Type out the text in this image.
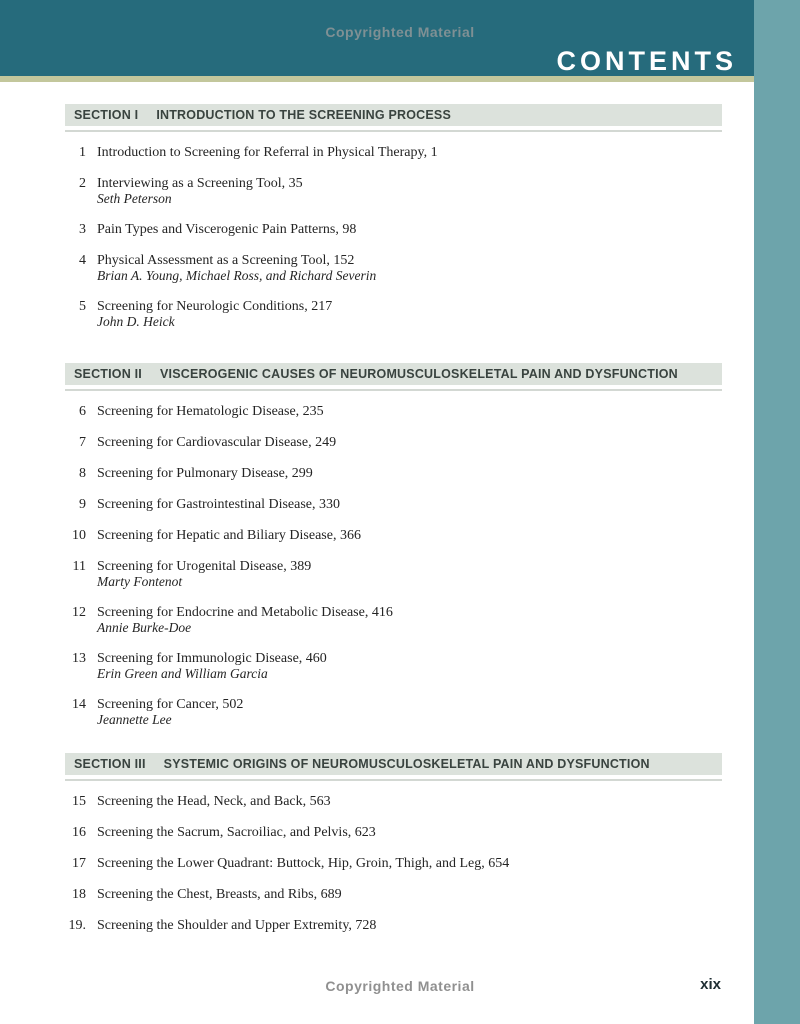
Copyrighted Material
CONTENTS
SECTION I INTRODUCTION TO THE SCREENING PROCESS
1 Introduction to Screening for Referral in Physical Therapy, 1
2 Interviewing as a Screening Tool, 35
Seth Peterson
3 Pain Types and Viscerogenic Pain Patterns, 98
4 Physical Assessment as a Screening Tool, 152
Brian A. Young, Michael Ross, and Richard Severin
5 Screening for Neurologic Conditions, 217
John D. Heick
SECTION II VISCEROGENIC CAUSES OF NEUROMUSCULOSKELETAL PAIN AND DYSFUNCTION
6 Screening for Hematologic Disease, 235
7 Screening for Cardiovascular Disease, 249
8 Screening for Pulmonary Disease, 299
9 Screening for Gastrointestinal Disease, 330
10 Screening for Hepatic and Biliary Disease, 366
11 Screening for Urogenital Disease, 389
Marty Fontenot
12 Screening for Endocrine and Metabolic Disease, 416
Annie Burke-Doe
13 Screening for Immunologic Disease, 460
Erin Green and William Garcia
14 Screening for Cancer, 502
Jeannette Lee
SECTION III SYSTEMIC ORIGINS OF NEUROMUSCULOSKELETAL PAIN AND DYSFUNCTION
15 Screening the Head, Neck, and Back, 563
16 Screening the Sacrum, Sacroiliac, and Pelvis, 623
17 Screening the Lower Quadrant: Buttock, Hip, Groin, Thigh, and Leg, 654
18 Screening the Chest, Breasts, and Ribs, 689
19. Screening the Shoulder and Upper Extremity, 728
Copyrighted Material	xix
